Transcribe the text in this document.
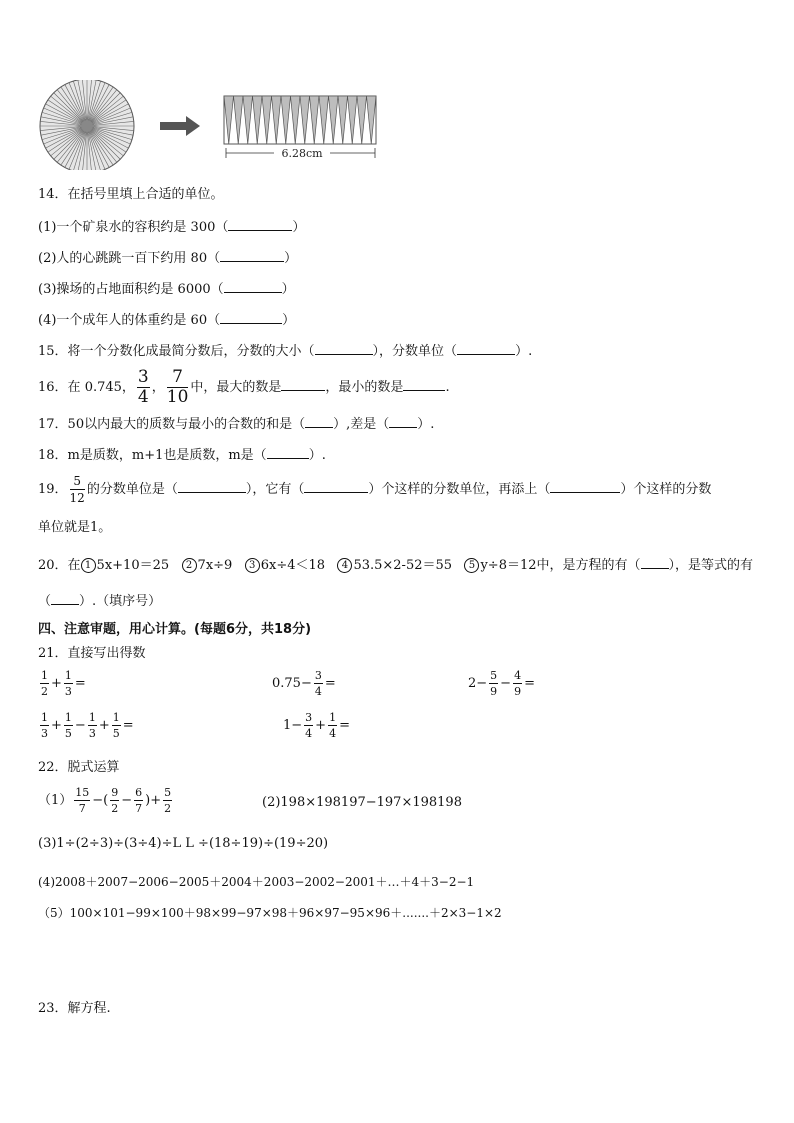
6.28cm
14．在括号里填上合适的单位。
(1)一个矿泉水的容积约是 300（	）
(2)人的心跳跳一百下约用 80（	）
(3)操场的占地面积约是 6000（	）
(4)一个成年人的体重约是 60（	）
15．将一个分数化成最简分数后，分数的大小（	），分数单位（	）.
16．在 0.745， $\frac{3}{4}$ ， $\frac{7}{10}$ 中，最大的数是	，最小的数是	.
17．50以内最大的质数与最小的合数的和是（ ）,差是（ ）.
18．m是质数，m+1也是质数，m是（	）.
19． $\frac{5}{12}$ 的分数单位是（	），它有（	）个这样的分数单位，再添上（	）个这样的分数
单位就是1。
20．在 1 5x+10＝25 2 7x÷9 3 6x÷4＜18 4 53.5×2-52＝55 5 y÷8＝12中，是方程的有（ ），是等式的有
（ ）.（填序号）
四、注意审题，用心计算。(每题6分，共18分)
21．直接写出得数
$\frac{1}{2} + \frac{1}{3}$ =	$0.75- \frac{3}{4}$ =	$2- \frac{5}{9} - \frac{4}{9}$ =
$\frac{1}{3} + \frac{1}{5} - \frac{1}{3} + \frac{1}{5}$ =	$1- \frac{3}{4} + \frac{1}{4}$ =
22．脱式运算
$(1) \frac{15}{7}$ −( $\frac{9}{2} - \frac{6}{7}$ )+ $\frac{5}{2}$	(2)198×198197−197×198198
(3)1÷(2÷3)÷(3÷4)÷L L ÷(18÷19)÷(19÷20)
(4)2008＋2007−2006−2005＋2004＋2003−2002−2001＋…＋4＋3−2−1
（5）100×101−99×100＋98×99−97×98＋96×97−95×96＋.......＋2×3−1×2
23．解方程.
